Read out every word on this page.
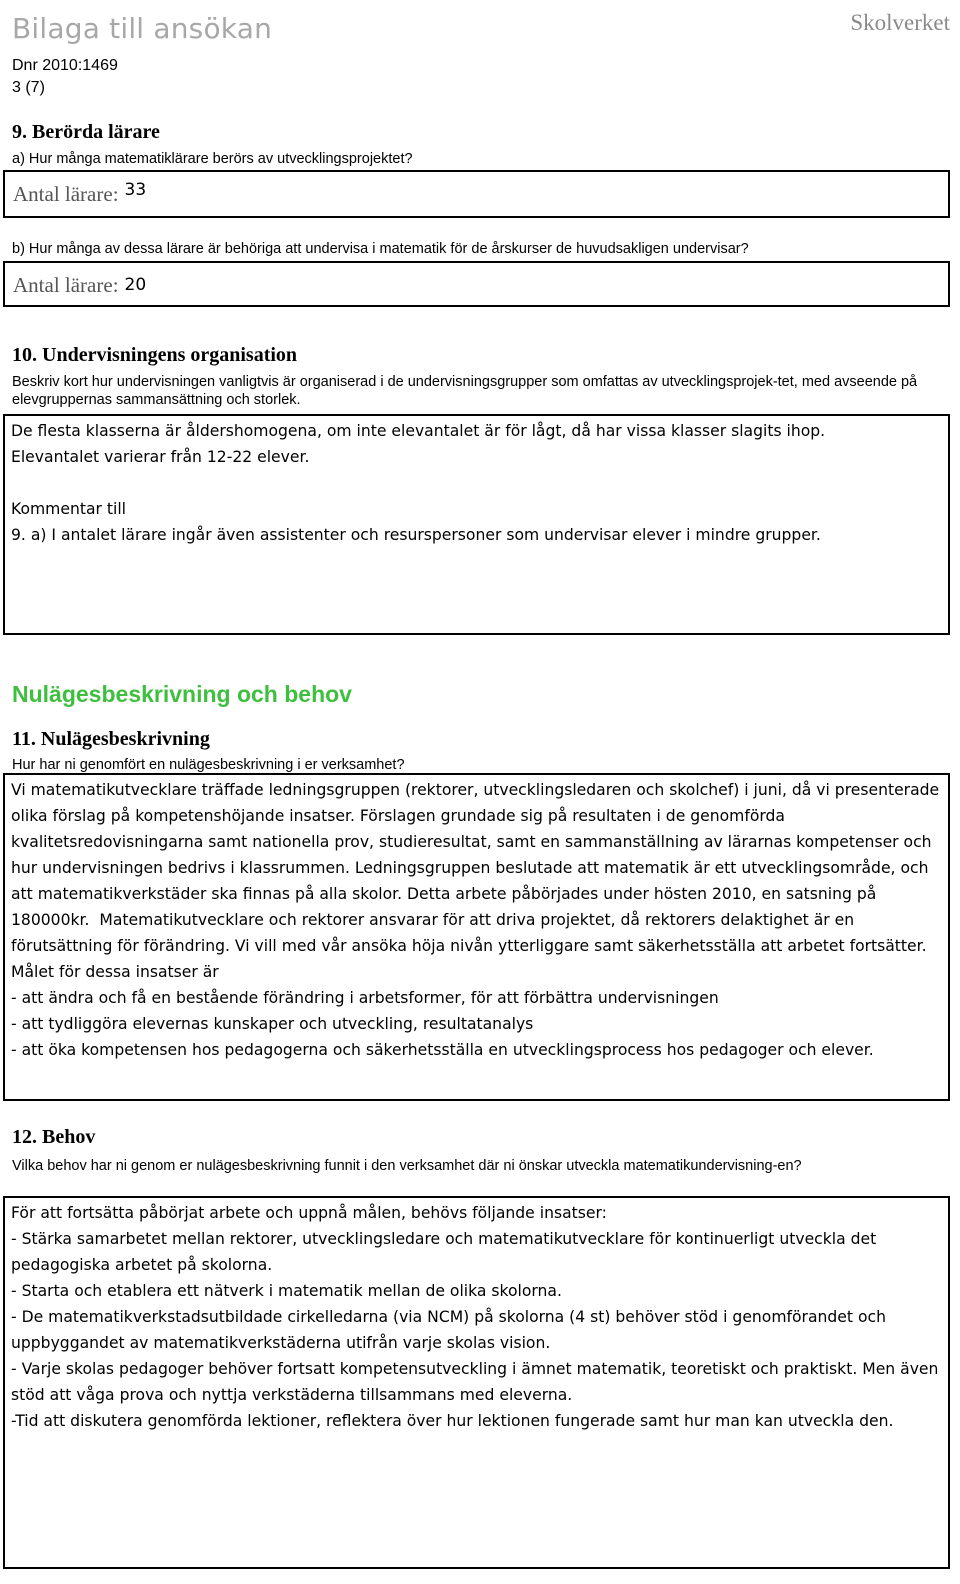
Bilaga till ansökan	Skolverket
Dnr 2010:1469
3 (7)
9. Berörda lärare
a) Hur många matematiklärare berörs av utvecklingsprojektet?
Antal lärare: 33
b) Hur många av dessa lärare är behöriga att undervisa i matematik för de årskurser de huvudsakligen undervisar?
Antal lärare: 20
10. Undervisningens organisation
Beskriv kort hur undervisningen vanligtvis är organiserad i de undervisningsgrupper som omfattas av utvecklingsprojek-tet, med avseende på elevgruppernas sammansättning och storlek.
De flesta klasserna är åldershomogena, om inte elevantalet är för lågt, då har vissa klasser slagits ihop.
Elevantalet varierar från 12-22 elever.

Kommentar till
9. a) I antalet lärare ingår även assistenter och resurspersoner som undervisar elever i mindre grupper.
Nulägesbeskrivning och behov
11. Nulägesbeskrivning
Hur har ni genomfört en nulägesbeskrivning i er verksamhet?
Vi matematikutvecklare träffade ledningsgruppen (rektorer, utvecklingsledaren och skolchef) i juni, då vi presenterade olika förslag på kompetenshöjande insatser. Förslagen grundade sig på resultaten i de genomförda kvalitetsredovisningarna samt nationella prov, studieresultat, samt en sammanställning av lärarnas kompetenser och hur undervisningen bedrivs i klassrummen. Ledningsgruppen beslutade att matematik är ett utvecklingsområde, och att matematikverkstäder ska finnas på alla skolor. Detta arbete påbörjades under hösten 2010, en satsning på 180000kr.  Matematikutvecklare och rektorer ansvarar för att driva projektet, då rektorers delaktighet är en förutsättning för förändring. Vi vill med vår ansöka höja nivån ytterliggare samt säkerhetsställa att arbetet fortsätter. Målet för dessa insatser är
- att ändra och få en bestående förändring i arbetsformer, för att förbättra undervisningen
- att tydliggöra elevernas kunskaper och utveckling, resultatanalys
- att öka kompetensen hos pedagogerna och säkerhetsställa en utvecklingsprocess hos pedagoger och elever.
12. Behov
Vilka behov har ni genom er nulägesbeskrivning funnit i den verksamhet där ni önskar utveckla matematikundervisning-en?
För att fortsätta påbörjat arbete och uppnå målen, behövs följande insatser:
- Stärka samarbetet mellan rektorer, utvecklingsledare och matematikutvecklare för kontinuerligt utveckla det pedagogiska arbetet på skolorna.
- Starta och etablera ett nätverk i matematik mellan de olika skolorna.
- De matematikverkstadsutbildade cirkelledarna (via NCM) på skolorna (4 st) behöver stöd i genomförandet och uppbyggandet av matematikverkstäderna utifrån varje skolas vision.
- Varje skolas pedagoger behöver fortsatt kompetensutveckling i ämnet matematik, teoretiskt och praktiskt. Men även stöd att våga prova och nyttja verkstäderna tillsammans med eleverna.
-Tid att diskutera genomförda lektioner, reflektera över hur lektionen fungerade samt hur man kan utveckla den.
